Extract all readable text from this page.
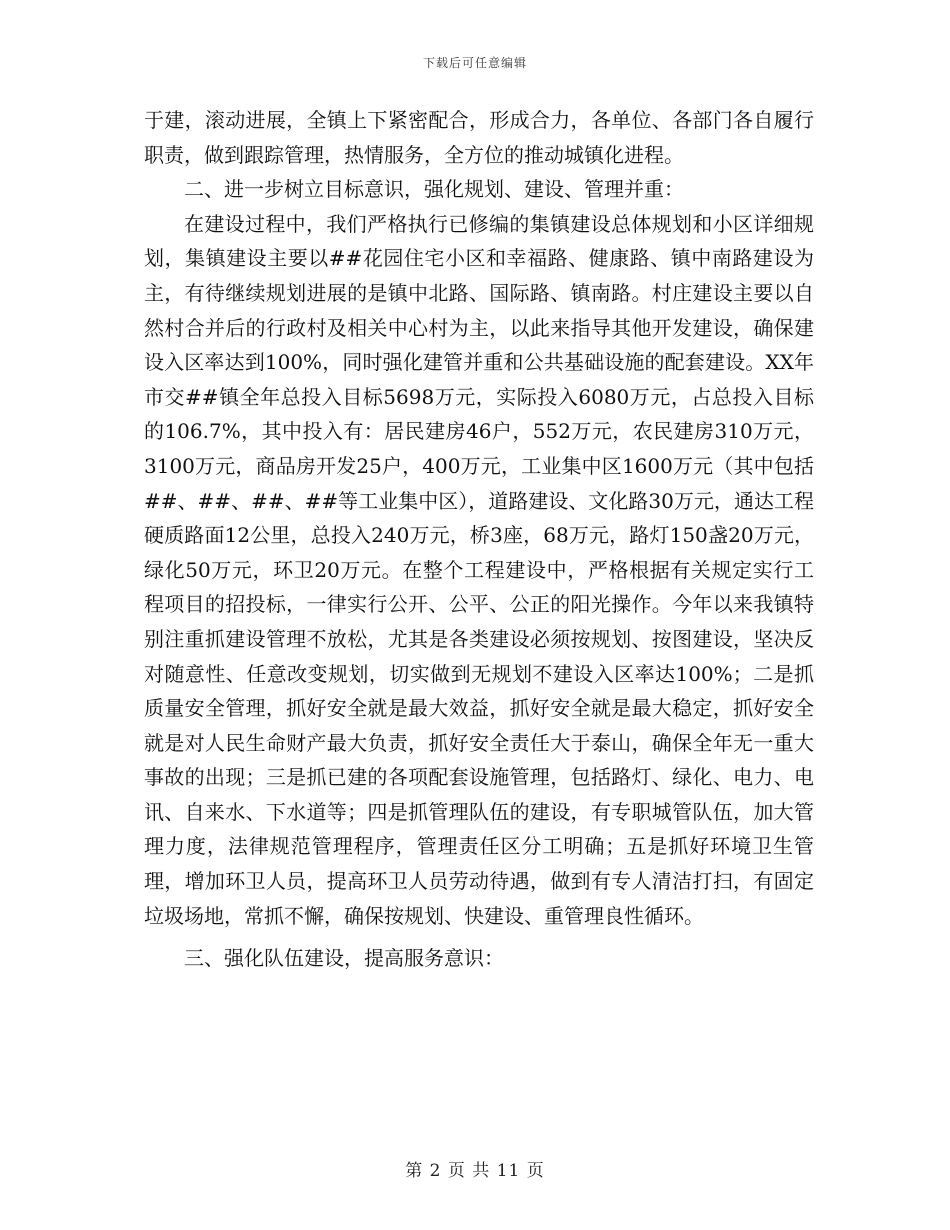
下载后可任意编辑

于建，滚动进展，全镇上下紧密配合，形成合力，各单位、各部门各自履行职责，做到跟踪管理，热情服务，全方位的推动城镇化进程。

二、进一步树立目标意识，强化规划、建设、管理并重：

在建设过程中，我们严格执行已修编的集镇建设总体规划和小区详细规划，集镇建设主要以##花园住宅小区和幸福路、健康路、镇中南路建设为主，有待继续规划进展的是镇中北路、国际路、镇南路。村庄建设主要以自然村合并后的行政村及相关中心村为主，以此来指导其他开发建设，确保建设入区率达到100%，同时强化建管并重和公共基础设施的配套建设。XX年市交##镇全年总投入目标5698万元，实际投入6080万元，占总投入目标的106.7%，其中投入有：居民建房46户，552万元，农民建房310万元，3100万元，商品房开发25户，400万元，工业集中区1600万元（其中包括##、##、##、##等工业集中区），道路建设、文化路30万元，通达工程硬质路面12公里，总投入240万元，桥3座，68万元，路灯150盏20万元，绿化50万元，环卫20万元。在整个工程建设中，严格根据有关规定实行工程项目的招投标，一律实行公开、公平、公正的阳光操作。今年以来我镇特别注重抓建设管理不放松，尤其是各类建设必须按规划、按图建设，坚决反对随意性、任意改变规划，切实做到无规划不建设入区率达100%；二是抓质量安全管理，抓好安全就是最大效益，抓好安全就是最大稳定，抓好安全就是对人民生命财产最大负责，抓好安全责任大于泰山，确保全年无一重大事故的出现；三是抓已建的各项配套设施管理，包括路灯、绿化、电力、电讯、自来水、下水道等；四是抓管理队伍的建设，有专职城管队伍，加大管理力度，法律规范管理程序，管理责任区分工明确；五是抓好环境卫生管理，增加环卫人员，提高环卫人员劳动待遇，做到有专人清洁打扫，有固定垃圾场地，常抓不懈，确保按规划、快建设、重管理良性循环。

三、强化队伍建设，提高服务意识：

第 2 页 共 11 页
